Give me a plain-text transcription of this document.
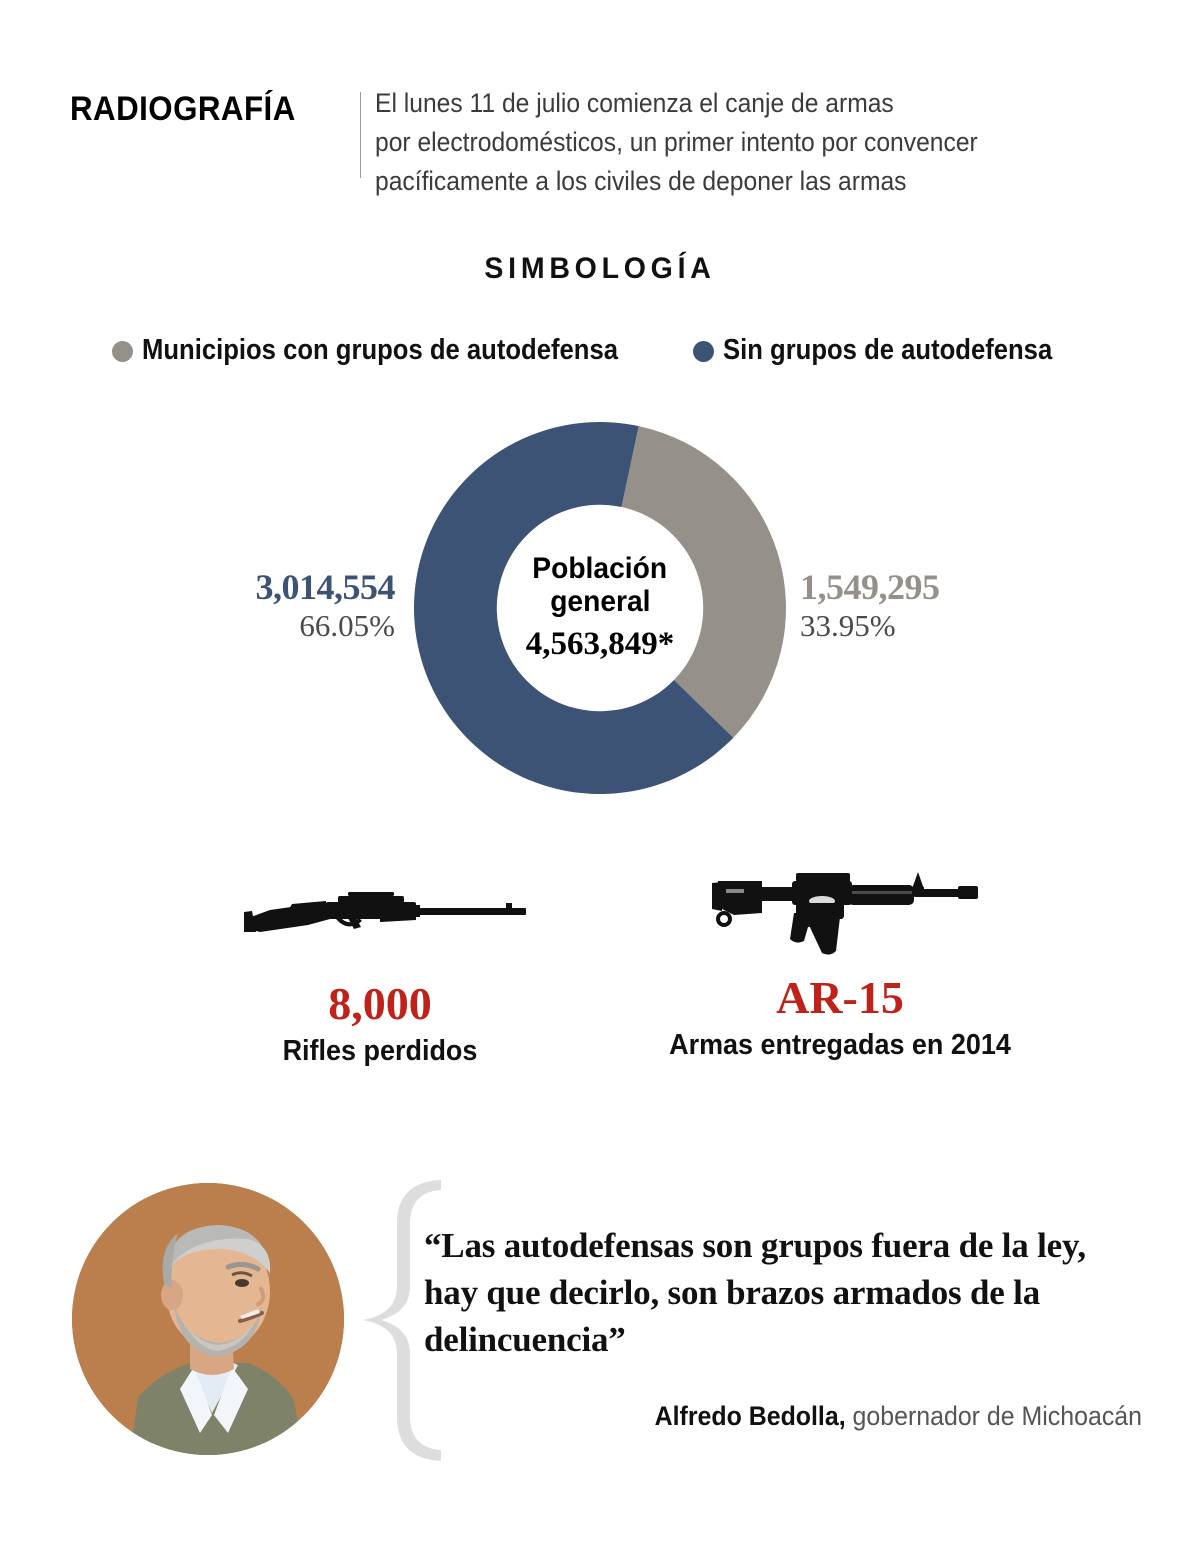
RADIOGRAFÍA	El lunes 11 de julio comienza el canje de armas
por electrodomésticos, un primer intento por convencer
pacíficamente a los civiles de deponer las armas
SIMBOLOGÍA
Municipios con grupos de autodefensa	Sin grupos de autodefensa
Población
general
4,563,849*
3,014,554
66.05%
1,549,295
33.95%
8,000
Rifles perdidos
AR-15
Armas entregadas en 2014
“Las autodefensas son grupos fuera de la ley, hay que decirlo, son brazos armados de la delincuencia”
Alfredo Bedolla, gobernador de Michoacán
